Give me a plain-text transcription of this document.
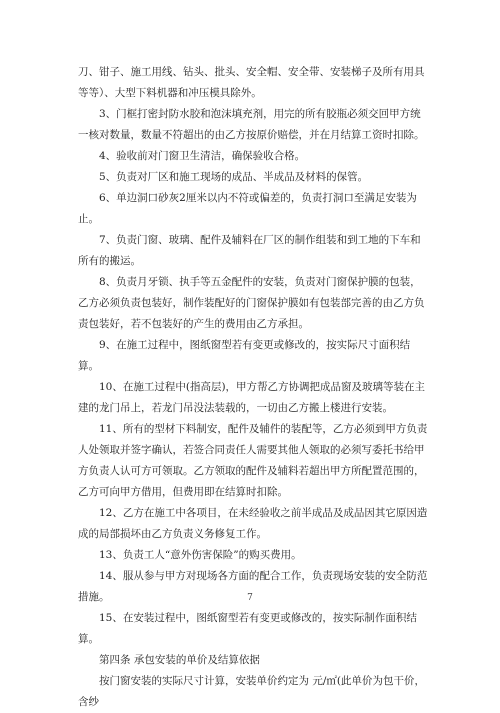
刀、钳子、施工用线、钻头、批头、安全帽、安全带、安装梯子及所有用具等等）、大型下料机器和冲压模具除外。

3、门框打密封防水胶和泡沫填充剂，用完的所有胶瓶必须交回甲方统一核对数量，数量不符超出的由乙方按原价赔偿，并在月结算工资时扣除。

4、验收前对门窗卫生清洁，确保验收合格。

5、负责对厂区和施工现场的成品、半成品及材料的保管。

6、单边洞口砂灰2厘米以内不符或偏差的，负责打洞口至满足安装为止。

7、负责门窗、玻璃、配件及辅料在厂区的制作组装和到工地的下车和所有的搬运。

8、负责月牙锁、执手等五金配件的安装，负责对门窗保护膜的包装，乙方必须负责包装好，制作装配好的门窗保护膜如有包装部完善的由乙方负责包装好，若不包装好的产生的费用由乙方承担。

9、在施工过程中，图纸窗型若有变更或修改的，按实际尺寸面积结算。

10、在施工过程中(指高层)，甲方帮乙方协调把成品窗及玻璃等装在主建的龙门吊上，若龙门吊没法装载的，一切由乙方搬上楼进行安装。

11、所有的型材下料制安，配件及辅件的装配等，乙方必须到甲方负责人处领取并签字确认，若签合同责任人需要其他人领取的必须写委托书给甲方负责人认可方可领取。乙方领取的配件及辅料若超出甲方所配置范围的，乙方可向甲方借用，但费用即在结算时扣除。

12、乙方在施工中各项目，在未经验收之前半成品及成品因其它原因造成的局部损坏由乙方负责义务修复工作。

13、负责工人“意外伤害保险”的购买费用。

14、服从参与甲方对现场各方面的配合工作，负责现场安装的安全防范措施。

15、在安装过程中，图纸窗型若有变更或修改的，按实际制作面积结算。

第四条 承包安装的单价及结算依据

按门窗安装的实际尺寸计算，安装单价约定为 元/㎡(此单价为包干价，含纱

7
